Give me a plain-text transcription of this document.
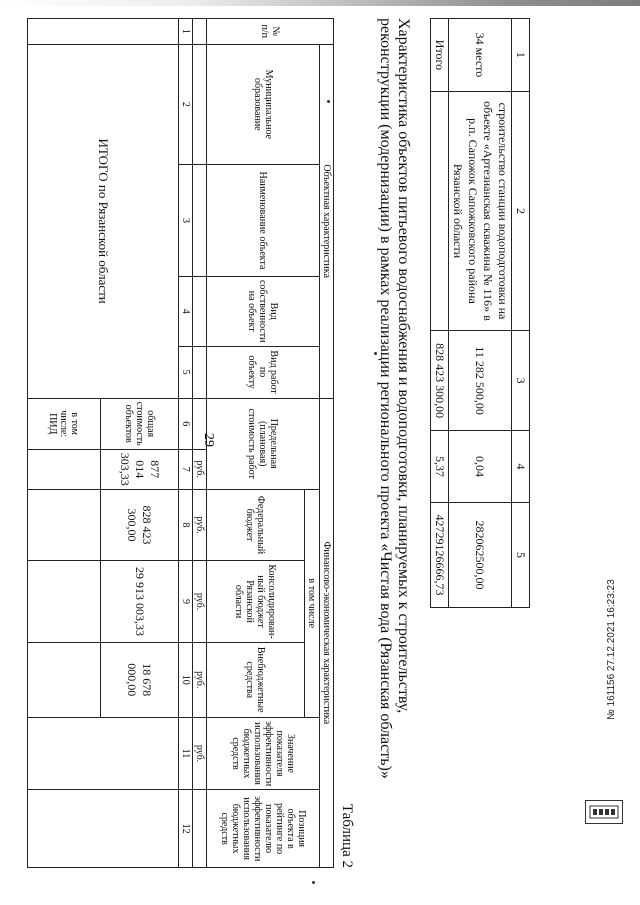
29
1	2	3	4	5
34 место	строительство станции водоподготовки на объекте «Артезианская скважина № 116» в р.п. Сапожок Сапожковского района Рязанской области	11 282 500,00	0,04	282062500,00
Итого		828 423 300,00	5,37	42729126666,73
Характеристика объектов питьевого водоснабжения и водоподготовки, планируемых к строительству, реконструкции (модернизации) в рамках реализации регионального проекта «Чистая вода (Рязанская область)»
Таблица 2
№ п/п	Объектная характеристика				Финансово-экономическая характеристика						
	Муниципальное образование	Наименование объекта	Вид собственности на объект	Вид работ по объекту	Предельная (плановая) стоимость работ		в том числе			Значение показателя эффективности использования бюджетных средств	Позиция объекта в рейтинге по показателю эффективности использования бюджетных средств
							Федеральный бюджет	Консолидирован-ный бюджет Рязанской области	Внебюджетные средства		
						руб.	руб.	руб.	руб.	руб.	
1	2	3	4	5	6	7	8	9	10	11	12
	ИТОГО по Рязанской области				общая стоимость объектов	877 014 303,33	828 423 300,00	29 913 003,33	18 678 000,00		
					в том числе: ПИД						
№ 161156 27.12.2021 16:23:23
